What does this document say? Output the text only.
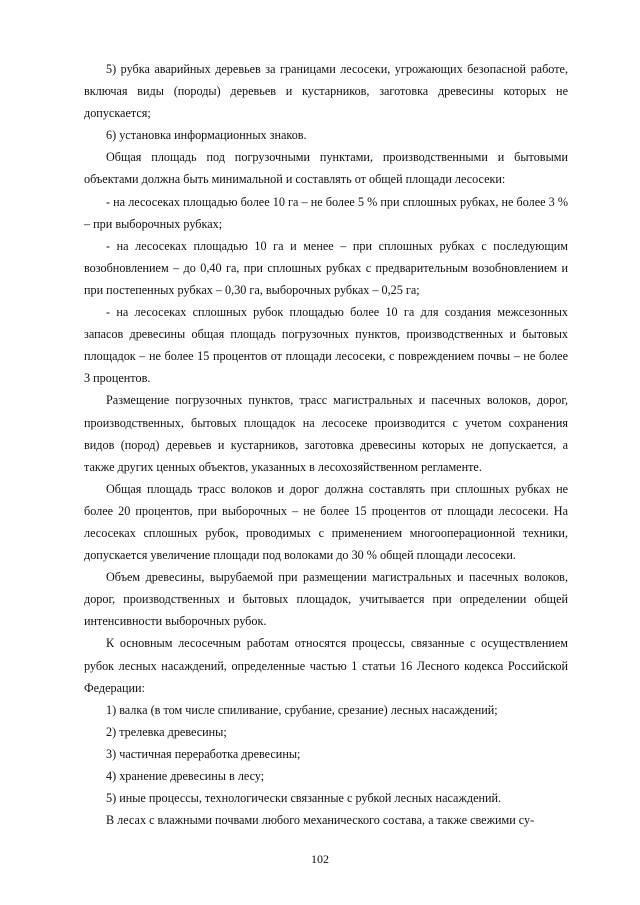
5) рубка аварийных деревьев за границами лесосеки, угрожающих безопасной работе, включая виды (породы) деревьев и кустарников, заготовка древесины которых не допускается;

6) установка информационных знаков.

Общая площадь под погрузочными пунктами, производственными и бытовыми объектами должна быть минимальной и составлять от общей площади лесосеки:

- на лесосеках площадью более 10 га – не более 5 % при сплошных рубках, не более 3 % – при выборочных рубках;

- на лесосеках площадью 10 га и менее – при сплошных рубках с последующим возобновлением – до 0,40 га, при сплошных рубках с предварительным возобновлением и при постепенных рубках – 0,30 га, выборочных рубках – 0,25 га;

- на лесосеках сплошных рубок площадью более 10 га для создания межсезонных запасов древесины общая площадь погрузочных пунктов, производственных и бытовых площадок – не более 15 процентов от площади лесосеки, с повреждением почвы – не более 3 процентов.

Размещение погрузочных пунктов, трасс магистральных и пасечных волоков, дорог, производственных, бытовых площадок на лесосеке производится с учетом сохранения видов (пород) деревьев и кустарников, заготовка древесины которых не допускается, а также других ценных объектов, указанных в лесохозяйственном регламенте.

Общая площадь трасс волоков и дорог должна составлять при сплошных рубках не более 20 процентов, при выборочных – не более 15 процентов от площади лесосеки. На лесосеках сплошных рубок, проводимых с применением многооперационной техники, допускается увеличение площади под волоками до 30 % общей площади лесосеки.

Объем древесины, вырубаемой при размещении магистральных и пасечных волоков, дорог, производственных и бытовых площадок, учитывается при определении общей интенсивности выборочных рубок.

К основным лесосечным работам относятся процессы, связанные с осуществлением рубок лесных насаждений, определенные частью 1 статьи 16 Лесного кодекса Российской Федерации:

1) валка (в том числе спиливание, срубание, срезание) лесных насаждений;

2) трелевка древесины;

3) частичная переработка древесины;

4) хранение древесины в лесу;

5) иные процессы, технологически связанные с рубкой лесных насаждений.

В лесах с влажными почвами любого механического состава, а также свежими су-

102
